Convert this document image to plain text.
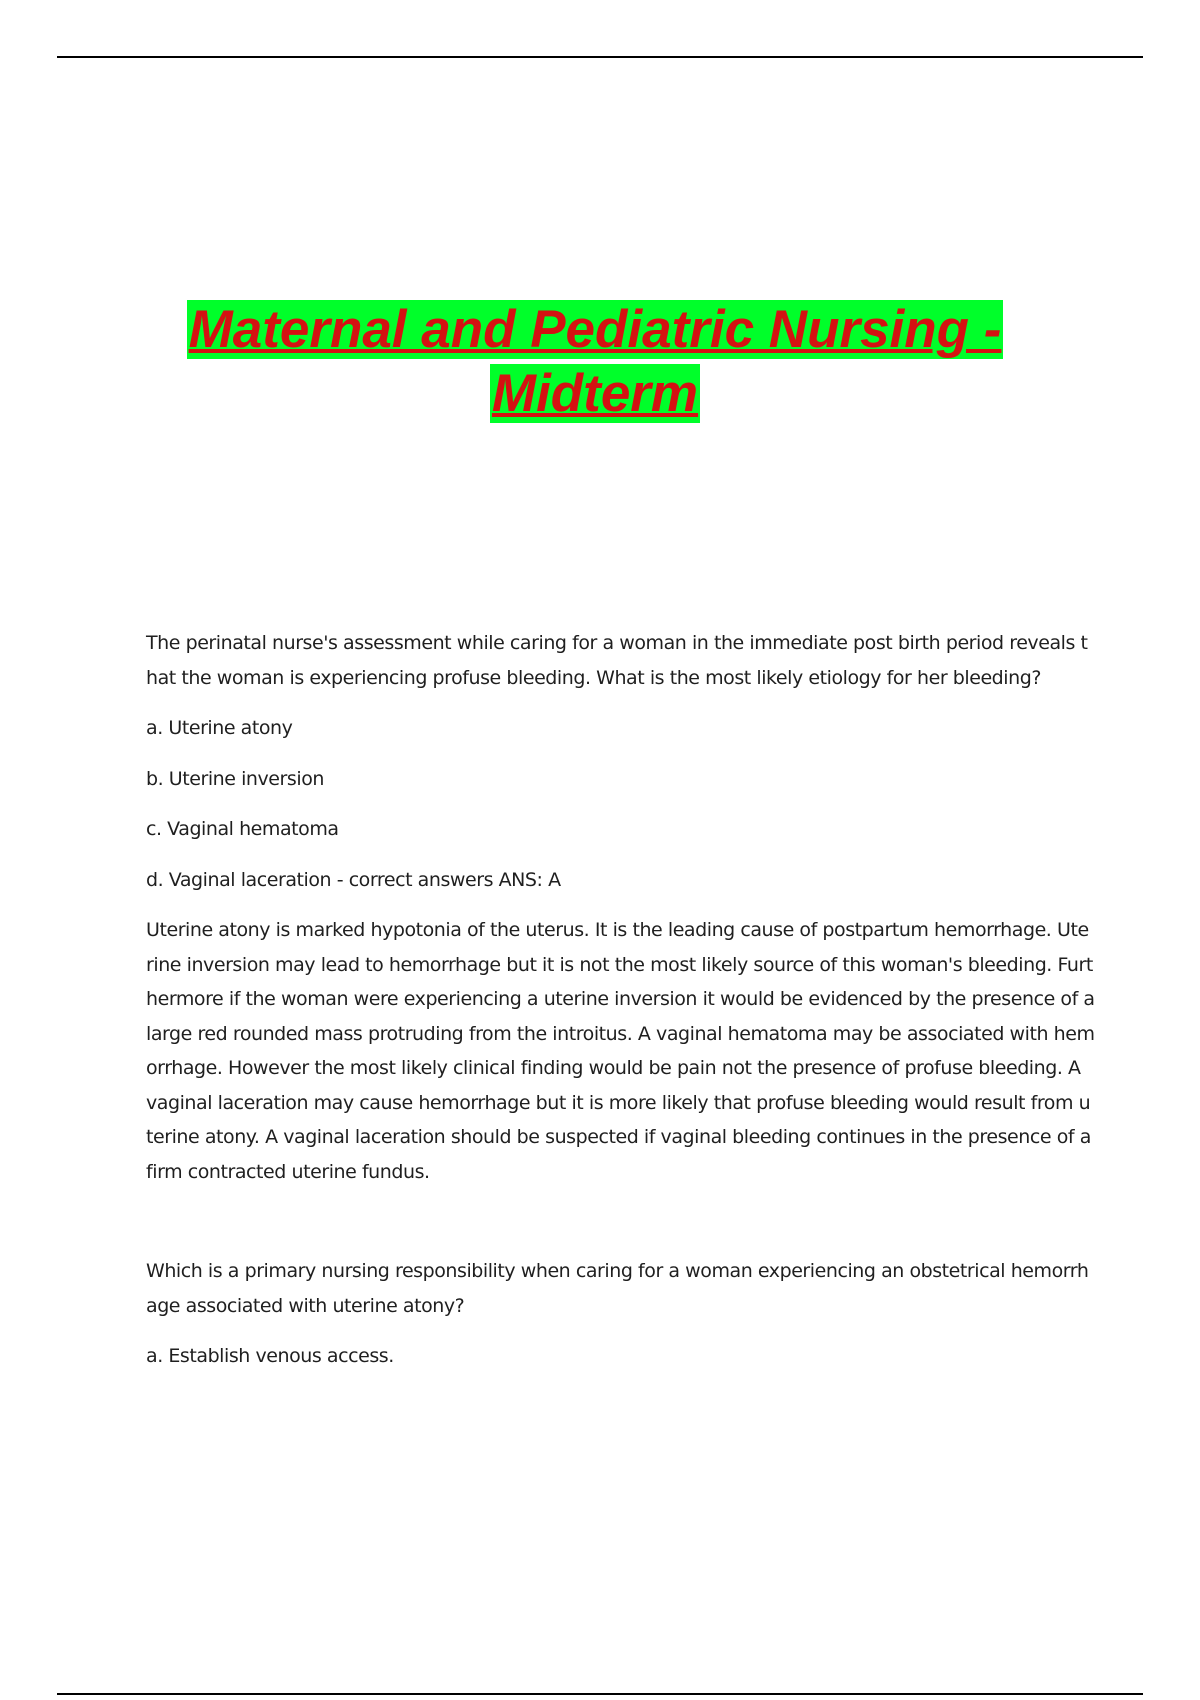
Maternal and Pediatric Nursing -
Midterm

The perinatal nurse's assessment while caring for a woman in the immediate post birth period reveals that the woman is experiencing profuse bleeding. What is the most likely etiology for her bleeding?

a. Uterine atony

b. Uterine inversion

c. Vaginal hematoma

d. Vaginal laceration - correct answers ANS: A

Uterine atony is marked hypotonia of the uterus. It is the leading cause of postpartum hemorrhage. Uterine inversion may lead to hemorrhage but it is not the most likely source of this woman's bleeding. Furthermore if the woman were experiencing a uterine inversion it would be evidenced by the presence of a large red rounded mass protruding from the introitus. A vaginal hematoma may be associated with hemorrhage. However the most likely clinical finding would be pain not the presence of profuse bleeding. A vaginal laceration may cause hemorrhage but it is more likely that profuse bleeding would result from uterine atony. A vaginal laceration should be suspected if vaginal bleeding continues in the presence of a firm contracted uterine fundus.

Which is a primary nursing responsibility when caring for a woman experiencing an obstetrical hemorrhage associated with uterine atony?

a. Establish venous access.
